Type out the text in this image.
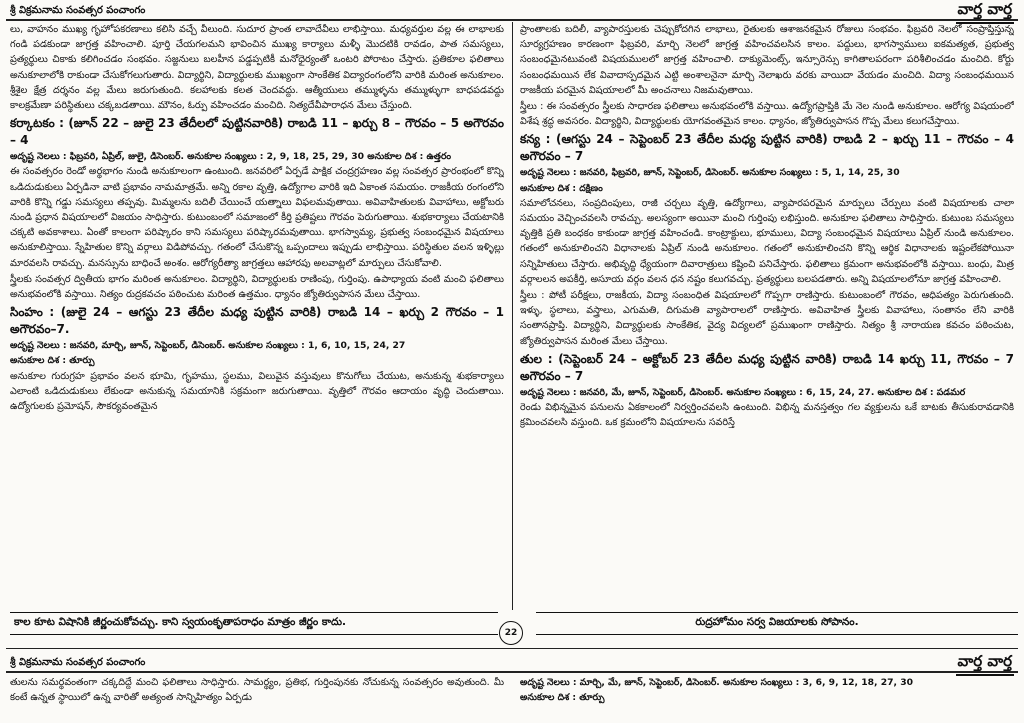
శ్రీ విక్రమనామ సంవత్సర పంచాంగం	వార్త వార్త

లు, వాహనం ముఖ్య గృహోపకరణాలు కలిసి వచ్చే వీలుంది. సుదూర ప్రాంత లావాదేవీలు లాభిస్తాయి. మధ్యవర్తుల వల్ల ఈ లాభాలకు గండి పడకుండా జాగ్రత్త వహించాలి. పూర్తి చేయగలమని భావించిన ముఖ్య కార్యాలు మళ్ళీ మొదటికి రావడం, పాత సమస్యలు, ప్రత్యర్థులు చికాకు కలిగించడం సంభవం. సజ్జనులు బలహీన పడ్డప్పటికీ మనోధైర్యంతో ఒంటరి పోరాటం చేస్తారు. ప్రతికూల ఫలితాలు అనుకూలాలోకి రాకుండా చేసుకోగలుగుతారు. విద్యార్థిని, విద్యార్థులకు ముఖ్యంగా సాంకేతిక విద్యారంగంలోని వారికి మరింత అనుకూలం. శ్రీశైల క్షేత్ర దర్శనం వల్ల మేలు జరుగుతుంది. కలహాలకు కలత చెందవద్దు. ఆత్మీయులు తమ్ముళ్ళను తమ్ముళ్ళుగా బాధపడవద్దు కాలక్రమేణా పరిస్థితులు చక్కబడతాయి. మౌనం, ఓర్పు వహించడం మంచిది. నిత్యదేవీపారాధన మేలు చేస్తుంది.

కర్కాటకం : (జూన్ 22 – జులై 23 తేదీలలో పుట్టినవారికి) రాబడి 11 – ఖర్చు 8 – గౌరవం – 5 అగౌరవం – 4
అదృష్ట నెలలు : ఫిబ్రవరి, ఏప్రిల్, జులై, డిసెంబర్. అనుకూల సంఖ్యలు : 2, 9, 18, 25, 29, 30 అనుకూల దిశ : ఉత్తరం

ఈ సంవత్సరం రెండో అర్థభాగం నుండి అనుకూలంగా ఉంటుంది. జనవరిలో ఏర్పడే పాక్షిక చంద్రగ్రహణం వల్ల సంవత్సర ప్రారంభంలో కొన్ని ఒడిదుడుకులు ఏర్పడినా వాటి ప్రభావం నామమాత్రమే. అన్ని రకాల వృత్తి, ఉద్యోగాల వారికి ఇది ఏకాంత సమయం. రాజకీయ రంగంలోని వారికి కొన్ని గడ్డు సమస్యలు తప్పవు. మిమ్మలను బదిలీ చేయించే యత్నాలు విఫలమవుతాయి. అవివాహితులకు వివాహాలు, అక్టోబరు నుండి ప్రధాన విషయాలలో విజయం సాధిస్తారు. కుటుంబంలో సమాజంలో కీర్తి ప్రతిష్టలు గౌరవం పెరుగుతాయి. శుభకార్యాలు చేయటానికి చక్కటి అవకాశాలు. ఏంతో కాలంగా పరిష్కారం కాని సమస్యలు పరిష్కారమవుతాయి. భాగస్వామ్య, ప్రభుత్వ సంబంధమైన విషయాలు అనుకూలిస్తాయి. స్నేహితుల కొన్ని వర్గాలు విడిపోవచ్చు. గతంలో చేసుకొన్న ఒప్పందాలు ఇప్పుడు లాభిస్తాయి. పరిస్థితుల వలన ఇళ్ళిల్లు మారవలసి రావచ్చు. మనస్సును బాధించే అంశం. ఆరోగ్యరీత్యా జాగ్రత్తలు ఆహారపు అలవాట్లలో మార్పులు చేసుకోవాలి.

స్త్రీలకు సంవత్సర ద్వితీయ భాగం మరింత అనుకూలం. విద్యార్థిని, విద్యార్థులకు రాణింపు, గుర్తింపు. ఉపాధ్యాయ వంటి మంచి ఫలితాలు అనుభవంలోకి వస్తాయి. నిత్యం రుద్రకవచం పఠించుట మరింత ఉత్తమం. ధ్యానం జ్యోతిర్వుపాసన మేలు చేస్తాయి.

సింహం : (జులై 24 – ఆగస్టు 23 తేదీల మధ్య పుట్టిన వారికి) రాబడి 14 – ఖర్చు 2 గౌరవం – 1 అగౌరవం–7.
అదృష్ట నెలలు : జనవరి, మార్చి, జూన్, సెప్టెంబర్, డిసెంబర్. అనుకూల సంఖ్యలు : 1, 6, 10, 15, 24, 27
అనుకూల దిశ : తూర్పు

అనుకూల గురుగ్రహ ప్రభావం వలన భూమి, గృహము, స్థలము, విలువైన వస్తువులు కొనుగోలు చేయుట, అనుకున్న శుభకార్యాలు ఎలాంటి ఒడిదుడుకులు లేకుండా అనుకున్న సమయానికి సక్రమంగా జరుగుతాయి. వృత్తిలో గౌరవం ఆదాయం వృద్ధి చెందుతాయి. ఉద్యోగులకు ప్రమోషన్, సౌకర్యవంతమైన

ప్రాంతాలకు బదిలీ, వ్యాపారస్తులకు చెప్పుకోదగిన లాభాలు, రైతులకు ఆశాజనకమైన రోజులు సంభవం. ఫిబ్రవరి నెలలో సంప్రాప్తిస్తున్న సూర్యగ్రహణం కారణంగా ఫిబ్రవరి, మార్చి నెలలో జాగ్రత్త వహించవలసిన కాలం. పద్దులు, భాగస్వాములు ఐకమత్యత, ప్రభుత్వ సంబంధమైనటువంటి విషయములలో జాగ్రత్త వహించాలి. దాక్యుమెంట్స్, ఇన్సూరెన్సు కాగితాలపరంగా పరిశీలించడం మంచిది. కోర్టు సంబంధమయిన లేక వివాదాస్పదమైన ఎట్టి అంశాలనైనా మార్చి నెలాఖరు వరకు వాయిదా వేయడం మంచిది. విద్యా సంబంధమయిన రాజకీయ పరమైన విషయాలలో మీ అంచనాలు నిజమవుతాయి.

స్త్రీలు : ఈ సంవత్సరం స్త్రీలకు సాధారణ ఫలితాలు అనుభవంలోకి వస్తాయి. ఉద్యోగప్రాప్తికి మే నెల నుండి అనుకూలం. ఆరోగ్య విషయంలో విశేష శ్రద్ధ అవసరం. విద్యార్థిని, విద్యార్థులకు యోగవంతమైన కాలం. ధ్యానం, జ్యోతిర్వుపాసన గొప్ప మేలు కలుగచేస్తాయి.

కన్య : (ఆగస్టు 24 – సెప్టెంబర్ 23 తేదీల మధ్య పుట్టిన వారికి) రాబడి 2 – ఖర్చు 11 – గౌరవం – 4 అగౌరవం – 7
అదృష్ట నెలలు : జనవరి, ఫిబ్రవరి, జూన్, సెప్టెంబర్, డిసెంబర్. అనుకూల సంఖ్యలు : 5, 1, 14, 25, 30
అనుకూల దిశ : దక్షిణం

సమాలోచనలు, సంప్రదింపులు, రాజీ చర్చలు వృత్తి, ఉద్యోగాలు, వ్యాపారపరమైన మార్పులు చేర్పులు వంటి విషయాలకు చాలా సమయం వెచ్చించవలసి రావచ్చు. అలస్యంగా అయినా మంచి గుర్తింపు లభిస్తుంది. అనుకూల ఫలితాలు సాధిస్తారు. కుటుంబ సమస్యలు వృత్తికి ప్రతి బంధకం కాకుండా జాగ్రత్త వహించండి. కాంట్రాక్టులు, భూములు, విద్యా సంబంధమైన విషయాలు ఏప్రిల్ నుండి అనుకూలం. గతంలో అనుకూలించని విధానాలకు ఏప్రిల్ నుండి అనుకూలం. గతంలో అనుకూలించని కొన్ని ఆర్థిక విధానాలకు ఇష్టంలేకపోయినా సన్నిహితులు చేస్తారు. అభివృద్ధి ధ్యేయంగా దివారాత్రులు కష్టించి పనిచేస్తారు. ఫలితాలు క్రమంగా అనుభవంలోకి వస్తాయి. బంధు, మిత్ర వర్గాలలన అపకీర్తి, అసూయ వర్గం వలన ధన నష్టం కలుగవచ్చు. ప్రత్యర్థులు బలపడతారు. అన్ని విషయాలలోనూ జాగ్రత్త వహించాలి.

స్త్రీలు : పోటీ పరీక్షలు, రాజకీయ, విద్యా సంబంధిత విషయాలలో గొప్పగా రాణిస్తారు. కుటుంబంలో గౌరవం, ఆధిపత్యం పెరుగుతుంది. ఇళ్ళు, స్థలాలు, వస్త్రాలు, ఎగుమతి, దిగుమతి వ్యాపారాలలో రాణిస్తారు. అవివాహిత స్త్రీలకు వివాహాలు, సంతానం లేని వారికి సంతానప్రాప్తి. విద్యార్థిని, విద్యార్థులకు సాంకేతిక, వైద్య విద్యలలో ప్రముఖంగా రాణిస్తారు. నిత్యం శ్రీ నారాయణ కవచం పఠించుట, జ్యోతిర్వుపాసన మరింత మేలు చేస్తాయి.

తుల : (సెప్టెంబర్ 24 – అక్టోబర్ 23 తేదీల మధ్య పుట్టిన వారికి) రాబడి 14 ఖర్చు 11, గౌరవం – 7 అగౌరవం – 7
అదృష్ట నెలలు : జనవరి, మే, జూన్, సెప్టెంబర్, డిసెంబర్. అనుకూల సంఖ్యలు : 6, 15, 24, 27. అనుకూల దిశ : పడమర

రెండు విభిన్నమైన పనులను ఏకకాలంలో నిర్వర్తించవలసి ఉంటుంది. విభిన్న మనస్తత్వం గల వ్యక్తులను ఒకే బాటకు తీసుకురావడానికి క్రమించవలసి వస్తుంది. ఒక క్రమంలోని విషయాలను సవరిస్తే

కాల కూట విషానికి జీర్ణంచుకోవచ్చు. కాని స్వయంకృతాపరాధం మాత్రం జీర్ణం కాదు.
22
రుద్రహోమం సర్వ విజయాలకు సోపానం.
శ్రీ విక్రమనామ సంవత్సర పంచాంగం	వార్త వార్త
తులను సమర్థవంతంగా చక్కదిద్దే మంచి ఫలితాలు సాధిస్తారు. సామర్థ్యం, ప్రతిభ, గుర్తింపునకు నోచుకున్న సంవత్సరం అవుతుంది. మీ కంటే ఉన్నత స్థాయిలో ఉన్న వారితో అత్యంత సాన్నిహిత్యం ఏర్పడు
అదృష్ట నెలలు : మార్చి, మే, జూన్, సెప్టెంబర్, డిసెంబర్. అనుకూల సంఖ్యలు : 3, 6, 9, 12, 18, 27, 30
అనుకూల దిశ : తూర్పు
